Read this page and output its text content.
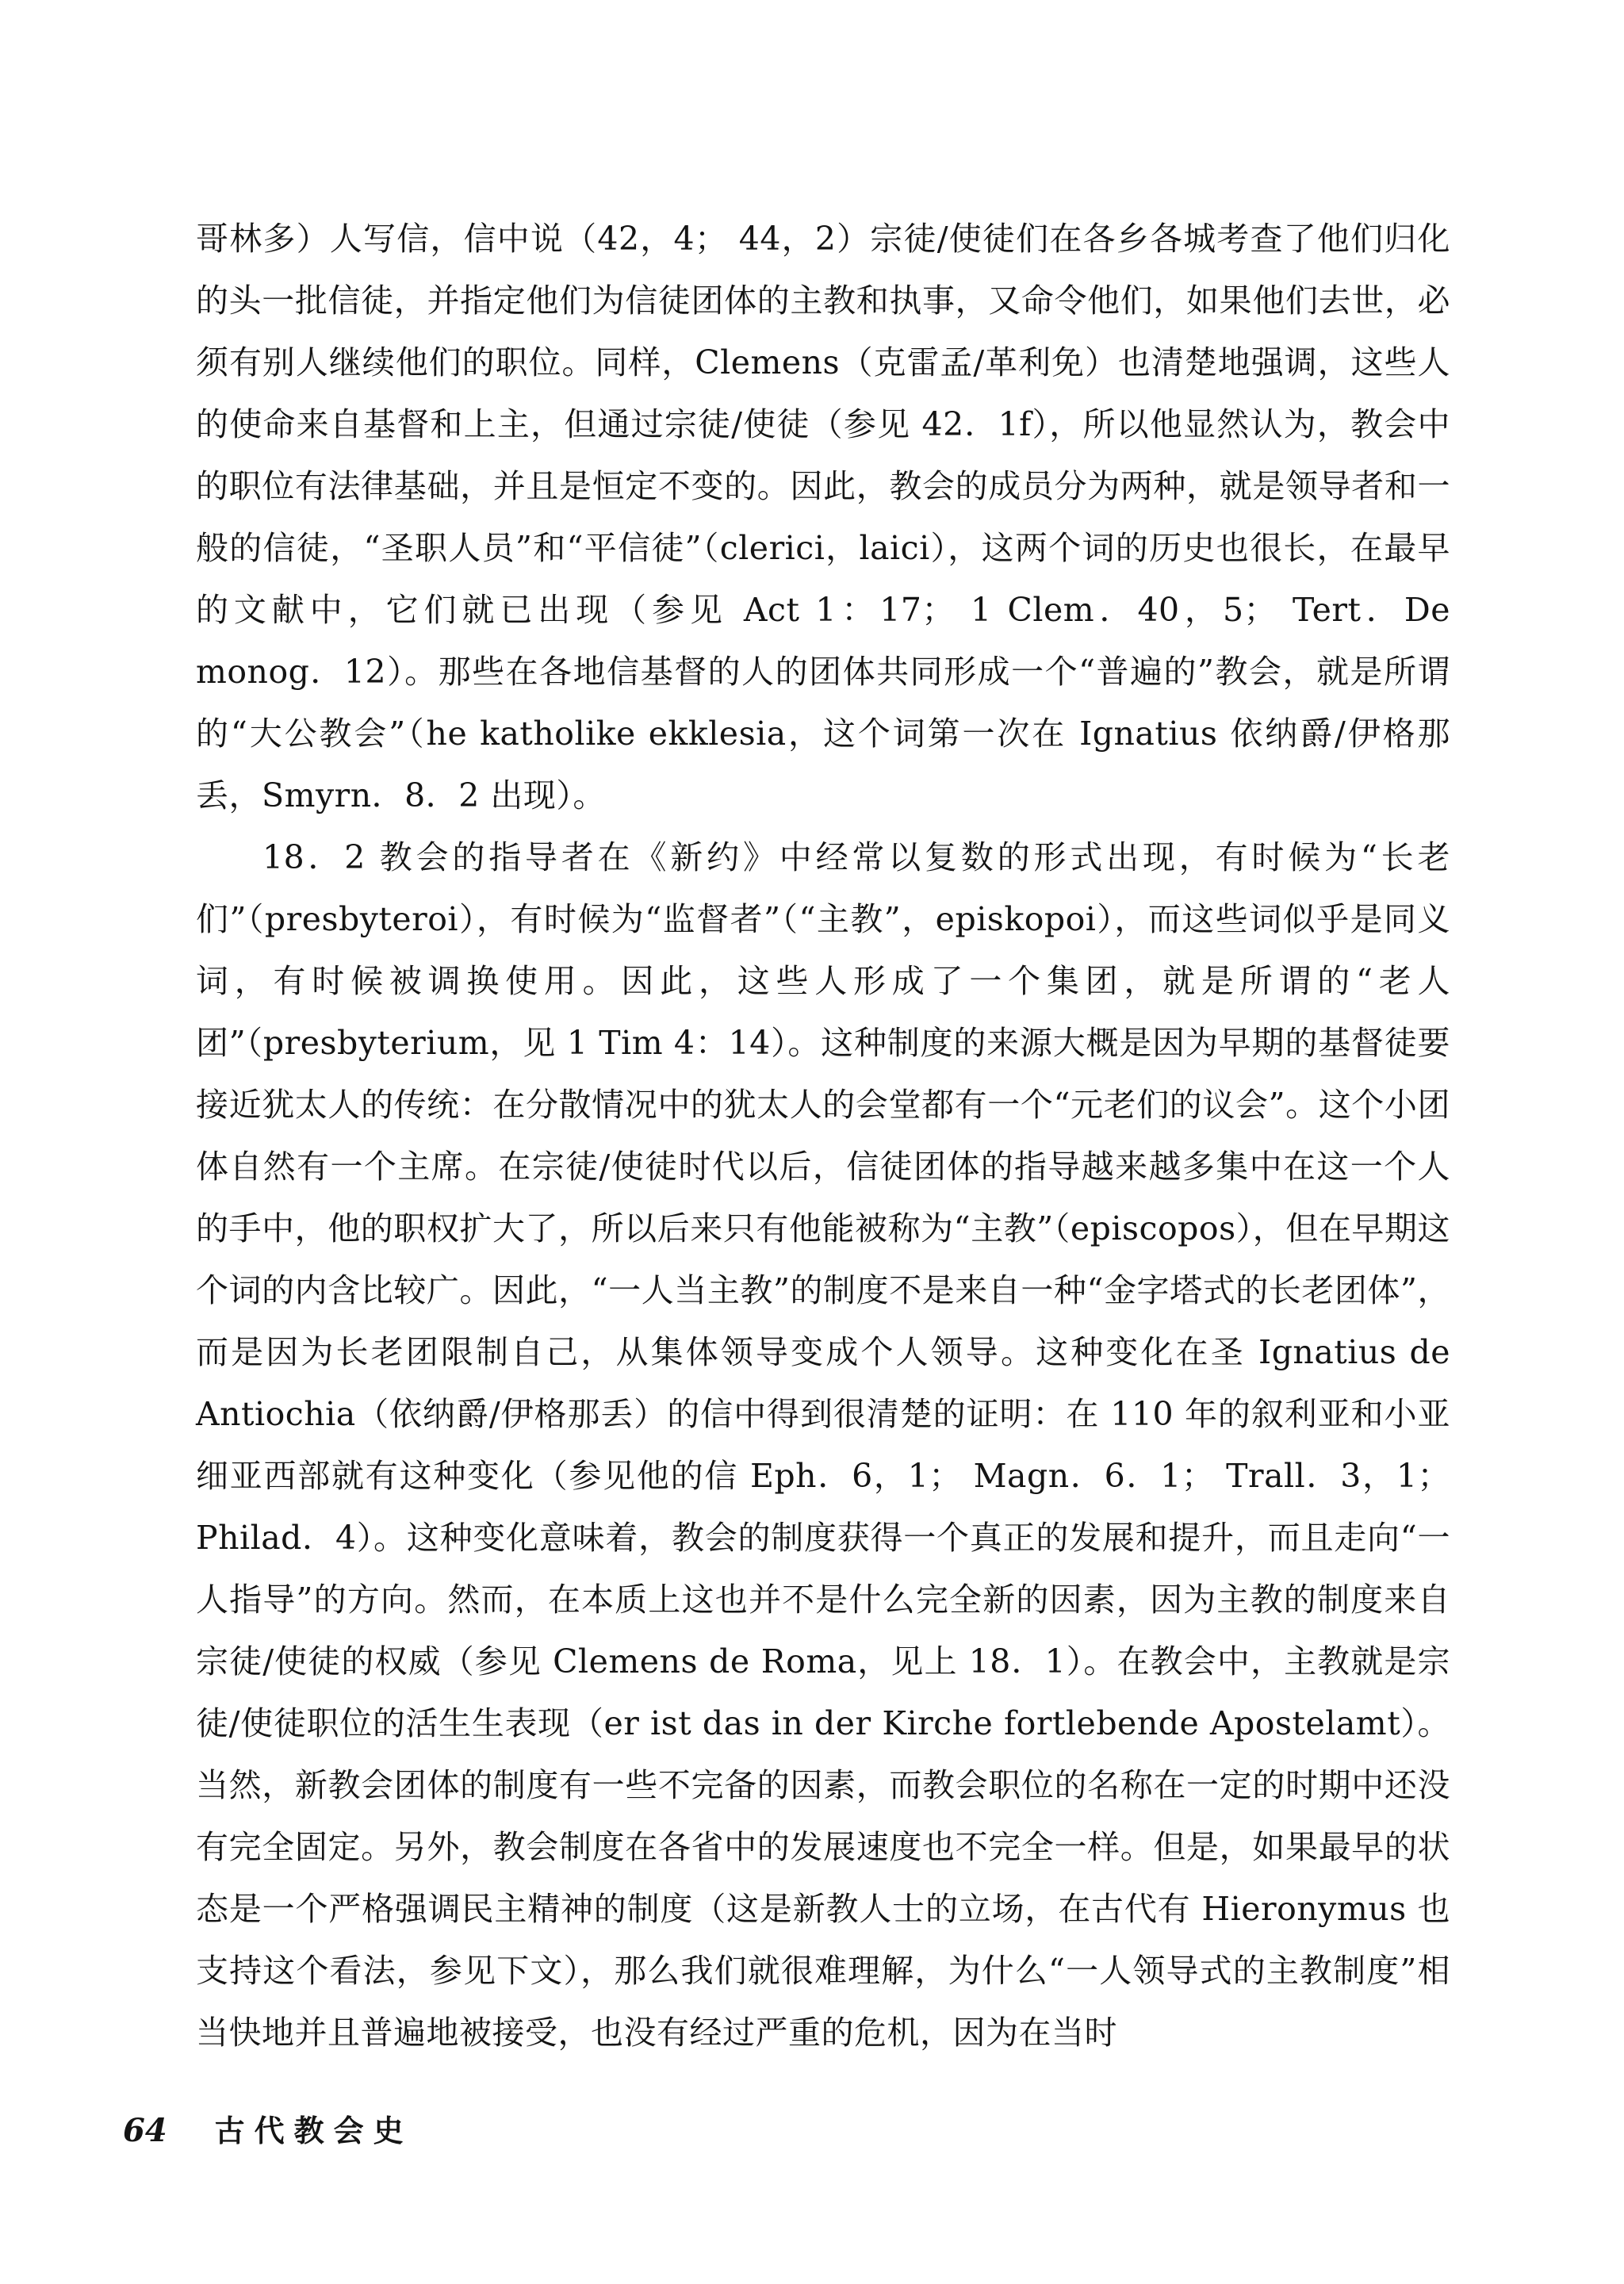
哥林多）人写信，信中说（42，4； 44，2）宗徒/使徒们在各乡各城考查了他们归化的头一批信徒，并指定他们为信徒团体的主教和执事，又命令他们，如果他们去世，必须有别人继续他们的职位。同样，Clemens（克雷孟/革利免）也清楚地强调，这些人的使命来自基督和上主，但通过宗徒/使徒（参见 42．1f），所以他显然认为，教会中的职位有法律基础，并且是恒定不变的。因此，教会的成员分为两种，就是领导者和一般的信徒，“圣职人员”和“平信徒”（clerici，laici），这两个词的历史也很长，在最早的文献中，它们就已出现（参见 Act 1：17； 1 Clem．40，5； Tert．De monog．12）。那些在各地信基督的人的团体共同形成一个“普遍的”教会，就是所谓的“大公教会”（he katholike ekklesia，这个词第一次在 Ignatius 依纳爵/伊格那丢，Smyrn．8．2 出现）。

18．2 教会的指导者在《新约》中经常以复数的形式出现，有时候为“长老们”（presbyteroi），有时候为“监督者”（“主教”，episkopoi），而这些词似乎是同义词，有时候被调换使用。因此，这些人形成了一个集团，就是所谓的“老人团”（presbyterium，见 1 Tim 4：14）。这种制度的来源大概是因为早期的基督徒要接近犹太人的传统：在分散情况中的犹太人的会堂都有一个“元老们的议会”。这个小团体自然有一个主席。在宗徒/使徒时代以后，信徒团体的指导越来越多集中在这一个人的手中，他的职权扩大了，所以后来只有他能被称为“主教”（episcopos），但在早期这个词的内含比较广。因此，“一人当主教”的制度不是来自一种“金字塔式的长老团体”，而是因为长老团限制自己，从集体领导变成个人领导。这种变化在圣 Ignatius de Antiochia（依纳爵/伊格那丢）的信中得到很清楚的证明：在 110 年的叙利亚和小亚细亚西部就有这种变化（参见他的信 Eph．6，1； Magn．6．1； Trall．3，1； Philad．4）。这种变化意味着，教会的制度获得一个真正的发展和提升，而且走向“一人指导”的方向。然而，在本质上这也并不是什么完全新的因素，因为主教的制度来自宗徒/使徒的权威（参见 Clemens de Roma，见上 18．1）。在教会中，主教就是宗徒/使徒职位的活生生表现（er ist das in der Kirche fortlebende Apostelamt）。当然，新教会团体的制度有一些不完备的因素，而教会职位的名称在一定的时期中还没有完全固定。另外，教会制度在各省中的发展速度也不完全一样。但是，如果最早的状态是一个严格强调民主精神的制度（这是新教人士的立场，在古代有 Hieronymus 也支持这个看法，参见下文），那么我们就很难理解，为什么“一人领导式的主教制度”相当快地并且普遍地被接受，也没有经过严重的危机，因为在当时

64 古代教会史
